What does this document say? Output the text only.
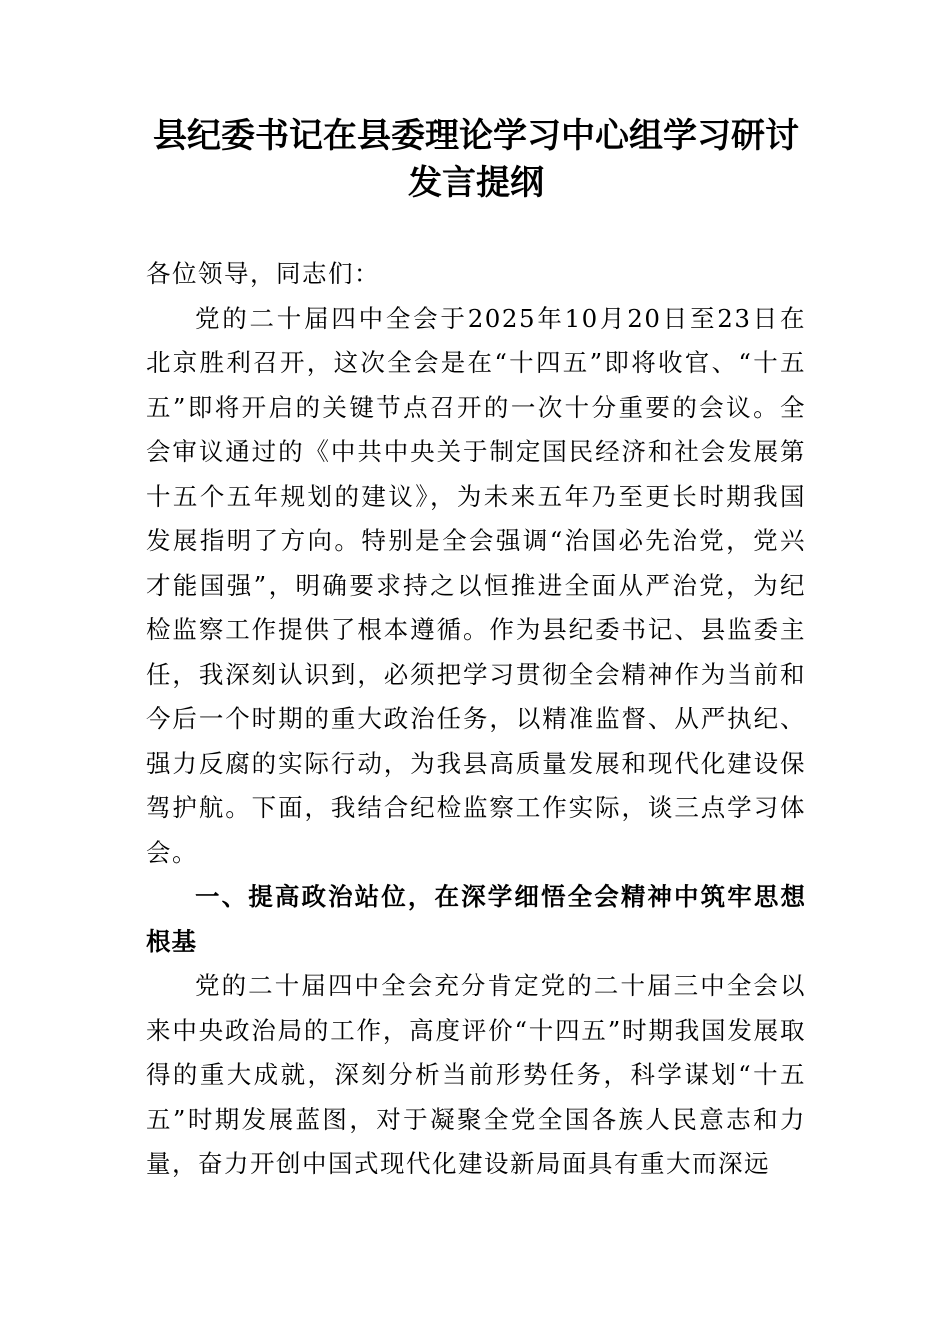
县纪委书记在县委理论学习中心组学习研讨发言提纲

各位领导，同志们：

党的二十届四中全会于2025年10月20日至23日在北京胜利召开，这次全会是在“十四五”即将收官、“十五五”即将开启的关键节点召开的一次十分重要的会议。全会审议通过的《中共中央关于制定国民经济和社会发展第十五个五年规划的建议》，为未来五年乃至更长时期我国发展指明了方向。特别是全会强调“治国必先治党，党兴才能国强”，明确要求持之以恒推进全面从严治党，为纪检监察工作提供了根本遵循。作为县纪委书记、县监委主任，我深刻认识到，必须把学习贯彻全会精神作为当前和今后一个时期的重大政治任务，以精准监督、从严执纪、强力反腐的实际行动，为我县高质量发展和现代化建设保驾护航。下面，我结合纪检监察工作实际，谈三点学习体会。

一、提高政治站位，在深学细悟全会精神中筑牢思想根基

党的二十届四中全会充分肯定党的二十届三中全会以来中央政治局的工作，高度评价“十四五”时期我国发展取得的重大成就，深刻分析当前形势任务，科学谋划“十五五”时期发展蓝图，对于凝聚全党全国各族人民意志和力量，奋力开创中国式现代化建设新局面具有重大而深远
